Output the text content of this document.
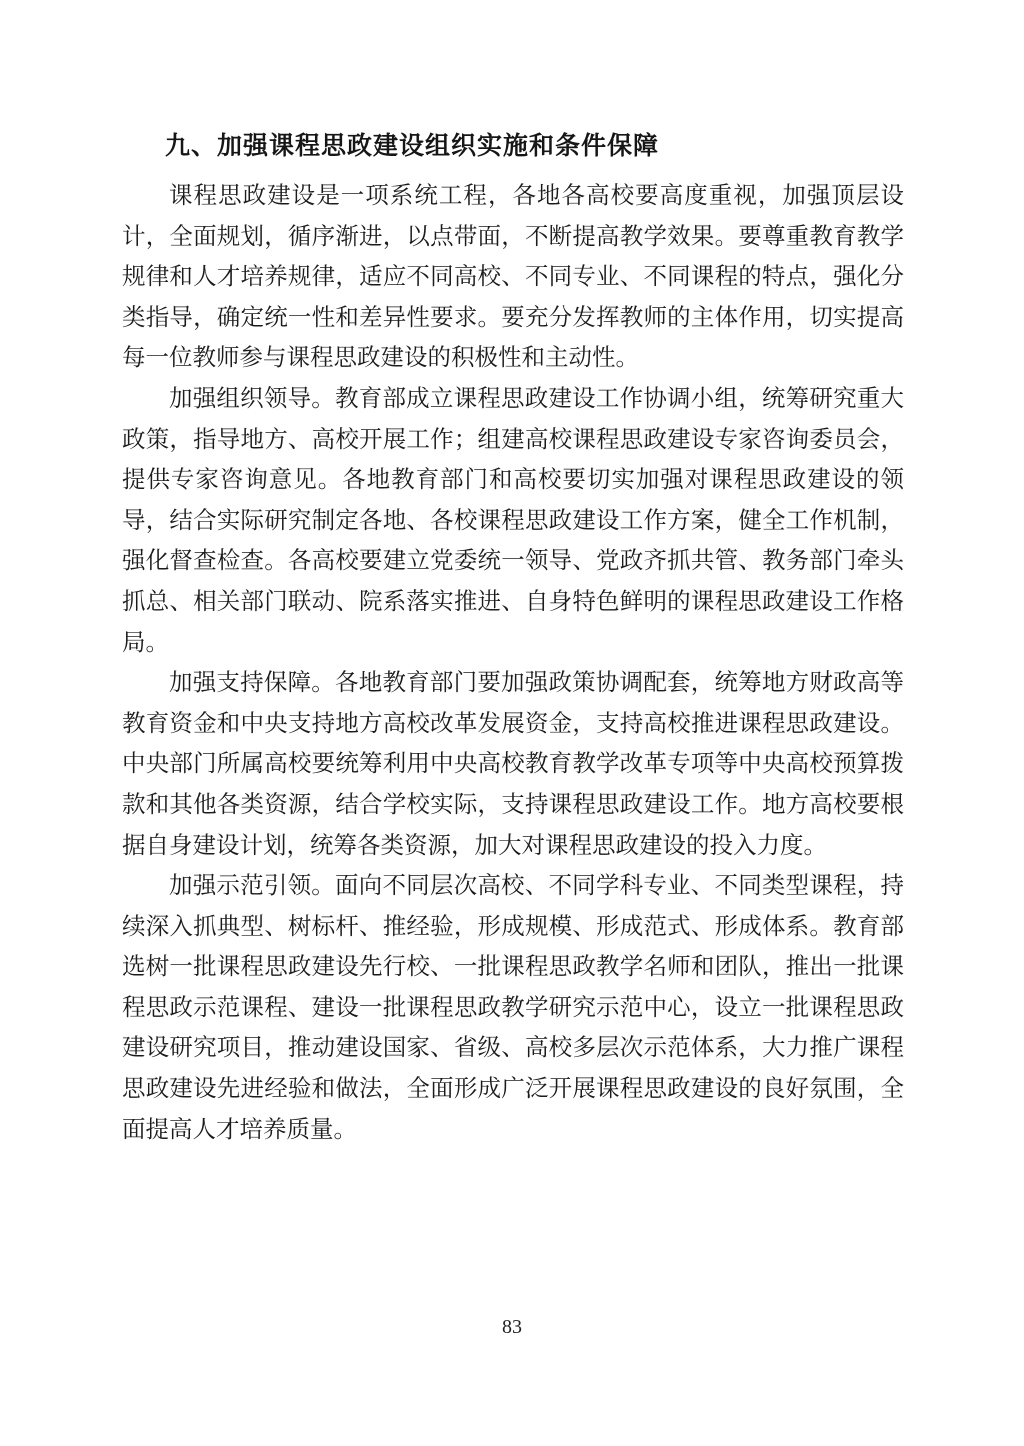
九、加强课程思政建设组织实施和条件保障

课程思政建设是一项系统工程，各地各高校要高度重视，加强顶层设计，全面规划，循序渐进，以点带面，不断提高教学效果。要尊重教育教学规律和人才培养规律，适应不同高校、不同专业、不同课程的特点，强化分类指导，确定统一性和差异性要求。要充分发挥教师的主体作用，切实提高每一位教师参与课程思政建设的积极性和主动性。

加强组织领导。教育部成立课程思政建设工作协调小组，统筹研究重大政策，指导地方、高校开展工作；组建高校课程思政建设专家咨询委员会，提供专家咨询意见。各地教育部门和高校要切实加强对课程思政建设的领导，结合实际研究制定各地、各校课程思政建设工作方案，健全工作机制，强化督查检查。各高校要建立党委统一领导、党政齐抓共管、教务部门牵头抓总、相关部门联动、院系落实推进、自身特色鲜明的课程思政建设工作格局。

加强支持保障。各地教育部门要加强政策协调配套，统筹地方财政高等教育资金和中央支持地方高校改革发展资金，支持高校推进课程思政建设。中央部门所属高校要统筹利用中央高校教育教学改革专项等中央高校预算拨款和其他各类资源，结合学校实际，支持课程思政建设工作。地方高校要根据自身建设计划，统筹各类资源，加大对课程思政建设的投入力度。

加强示范引领。面向不同层次高校、不同学科专业、不同类型课程，持续深入抓典型、树标杆、推经验，形成规模、形成范式、形成体系。教育部选树一批课程思政建设先行校、一批课程思政教学名师和团队，推出一批课程思政示范课程、建设一批课程思政教学研究示范中心，设立一批课程思政建设研究项目，推动建设国家、省级、高校多层次示范体系，大力推广课程思政建设先进经验和做法，全面形成广泛开展课程思政建设的良好氛围，全面提高人才培养质量。

83
